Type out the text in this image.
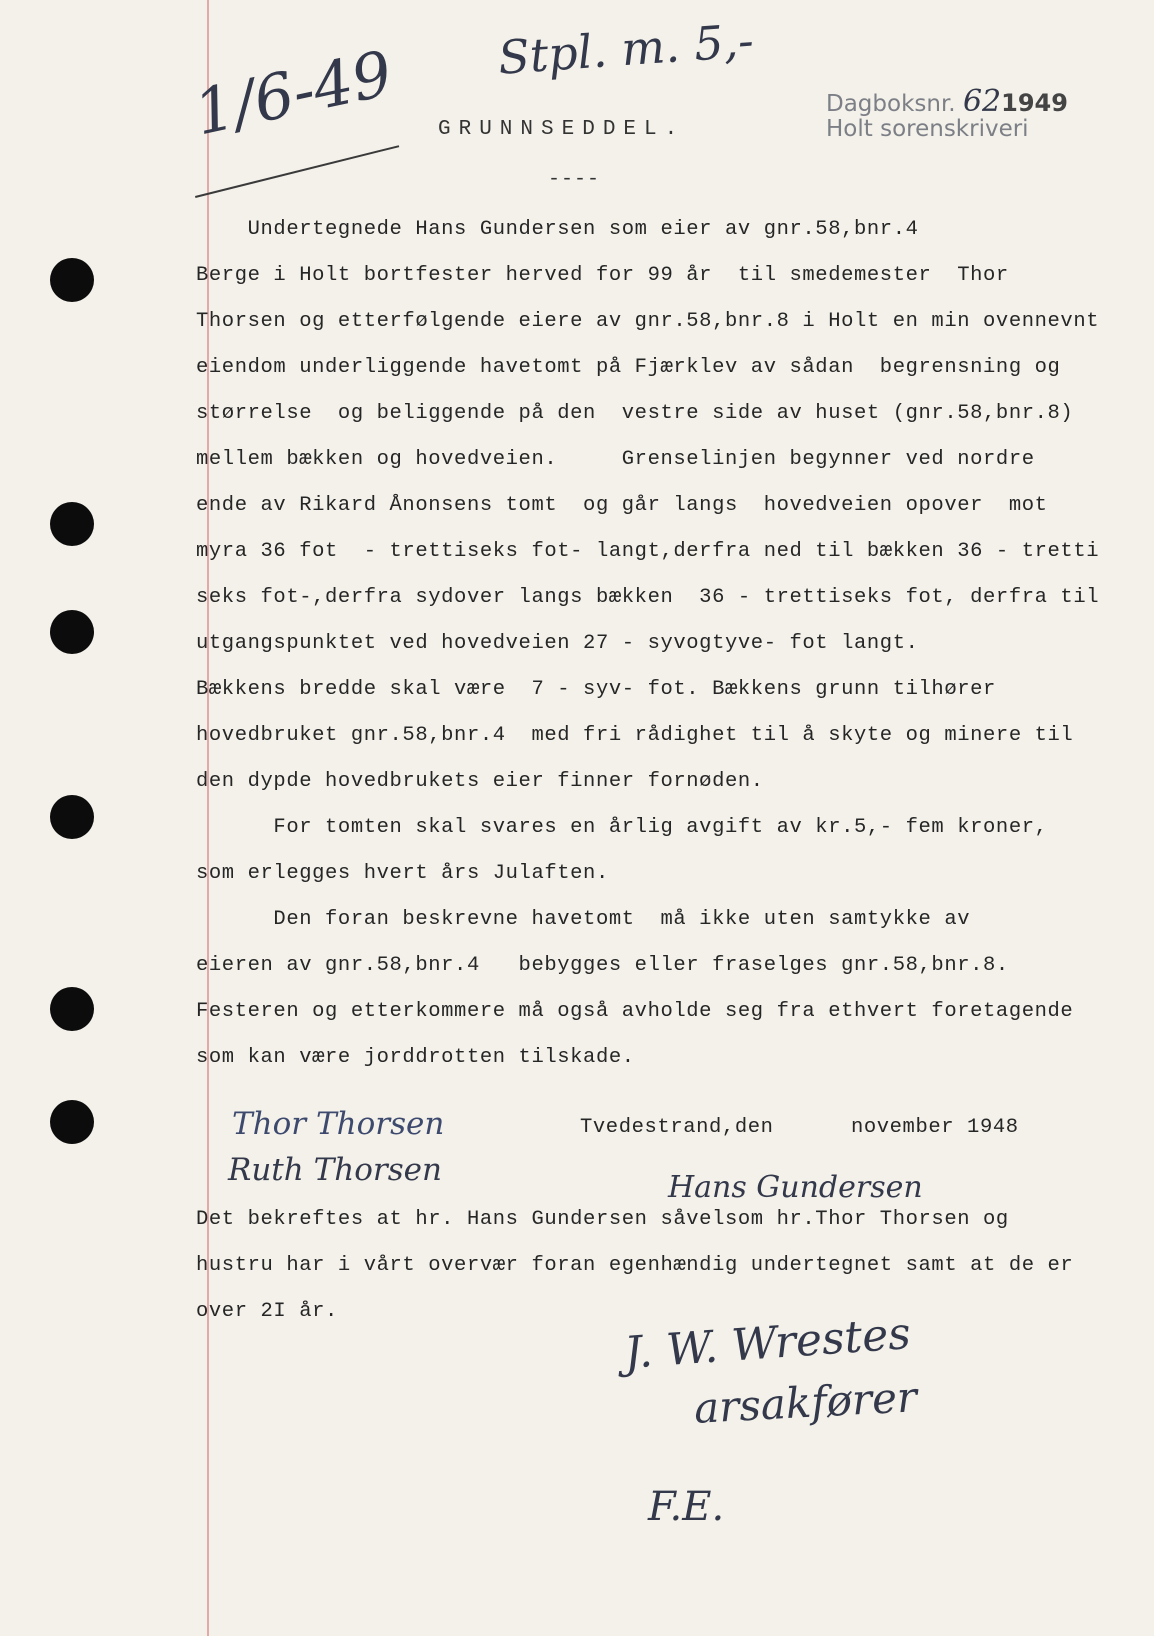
1/6-49 Stpl. m. 5,-
Dagboksnr. 621949
Holt sorenskriveri
GRUNNSEDDEL.
----
Undertegnede Hans Gundersen som eier av gnr.58,bnr.4
Berge i Holt bortfester herved for 99 år  til smedemester  Thor
Thorsen og etterfølgende eiere av gnr.58,bnr.8 i Holt en min ovennevnt
eiendom underliggende havetomt på Fjærklev av sådan  begrensning og
størrelse  og beliggende på den  vestre side av huset (gnr.58,bnr.8)
mellem bækken og hovedveien.     Grenselinjen begynner ved nordre
ende av Rikard Ånonsens tomt  og går langs  hovedveien opover  mot
myra 36 fot  - trettiseks fot- langt,derfra ned til bækken 36 - tretti
seks fot-,derfra sydover langs bækken  36 - trettiseks fot, derfra til
utgangspunktet ved hovedveien 27 - syvogtyve- fot langt.
Bækkens bredde skal være  7 - syv- fot. Bækkens grunn tilhører
hovedbruket gnr.58,bnr.4  med fri rådighet til å skyte og minere til
den dypde hovedbrukets eier finner fornøden.
For tomten skal svares en årlig avgift av kr.5,- fem kroner,
som erlegges hvert års Julaften.
Den foran beskrevne havetomt  må ikke uten samtykke av
eieren av gnr.58,bnr.4   bebygges eller fraselges gnr.58,bnr.8.
Festeren og etterkommere må også avholde seg fra ethvert foretagende
som kan være jorddrotten tilskade.
Thor Thorsen
Ruth Thorsen
Tvedestrand,den      november 1948
Hans Gundersen
Det bekreftes at hr. Hans Gundersen såvelsom hr.Thor Thorsen og
hustru har i vårt overvær foran egenhændig undertegnet samt at de er
over 2I år.	J. W. Wrestes
arsakfører
F.E.
